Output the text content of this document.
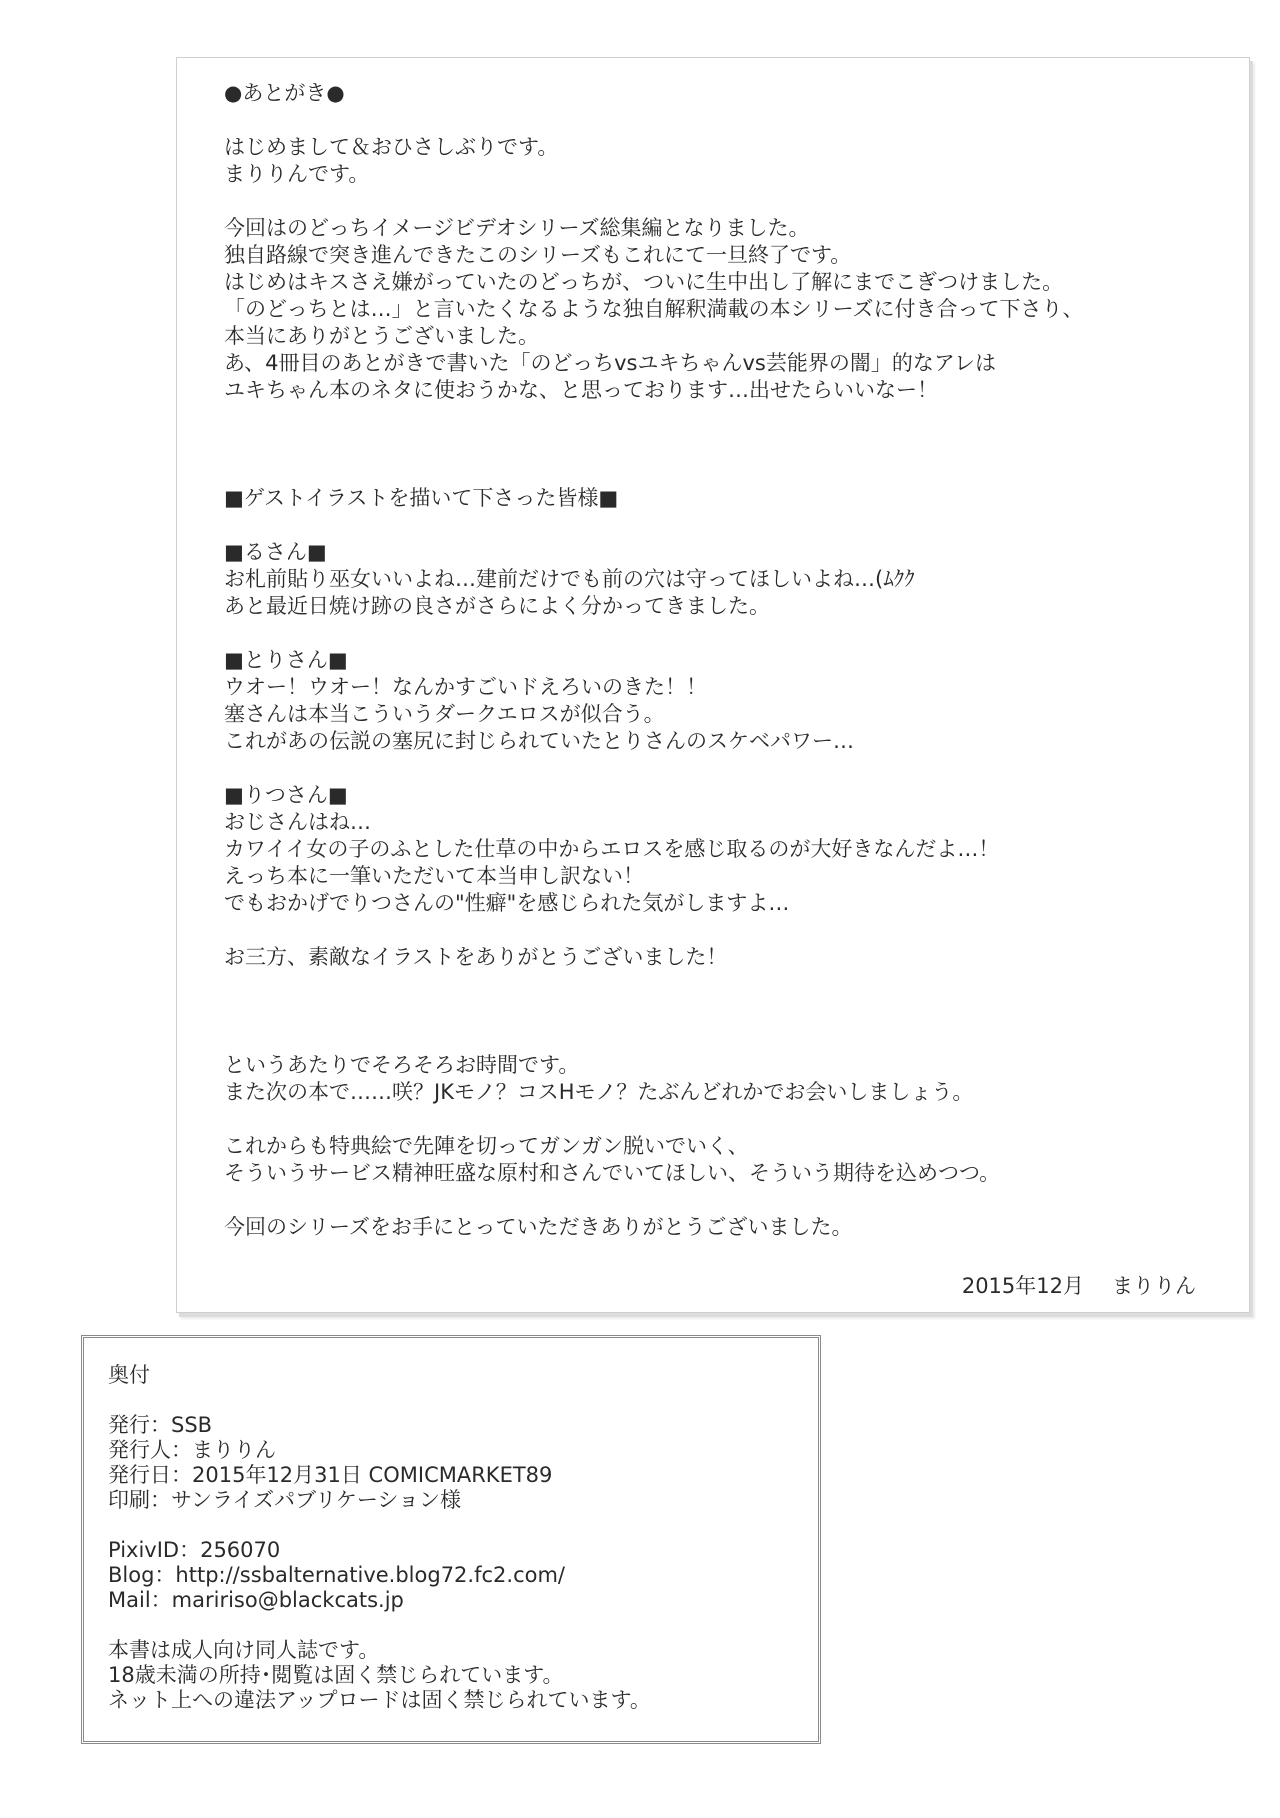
●あとがき●

はじめまして＆おひさしぶりです。

まりりんです。

今回はのどっちイメージビデオシリーズ総集編となりました。

独自路線で突き進んできたこのシリーズもこれにて一旦終了です。

はじめはキスさえ嫌がっていたのどっちが、ついに生中出し了解にまでこぎつけました。

「のどっちとは…」と言いたくなるような独自解釈満載の本シリーズに付き合って下さり、

本当にありがとうございました。

あ、4冊目のあとがきで書いた「のどっちvsユキちゃんvs芸能界の闇」的なアレは

ユキちゃん本のネタに使おうかな、と思っております…出せたらいいなー！

■ゲストイラストを描いて下さった皆様■

■るさん■

お札前貼り巫女いいよね…建前だけでも前の穴は守ってほしいよね…(ﾑｸｸ

あと最近日焼け跡の良さがさらによく分かってきました。

■とりさん■

ウオー！ウオー！なんかすごいドえろいのきた！！

塞さんは本当こういうダークエロスが似合う。

これがあの伝説の塞尻に封じられていたとりさんのスケベパワー…

■りつさん■

おじさんはね…

カワイイ女の子のふとした仕草の中からエロスを感じ取るのが大好きなんだよ…！

えっち本に一筆いただいて本当申し訳ない！

でもおかげでりつさんの"性癖"を感じられた気がしますよ…

お三方、素敵なイラストをありがとうございました！

というあたりでそろそろお時間です。

また次の本で……咲？JKモノ？コスHモノ？たぶんどれかでお会いしましょう。

これからも特典絵で先陣を切ってガンガン脱いでいく、

そういうサービス精神旺盛な原村和さんでいてほしい、そういう期待を込めつつ。

今回のシリーズをお手にとっていただきありがとうございました。

2015年12月 まりりん

奥付

発行：SSB

発行人：まりりん

発行日：2015年12月31日 COMICMARKET89

印刷：サンライズパブリケーション様

PixivID：256070

Blog：http://ssbalternative.blog72.fc2.com/

Mail：maririso@blackcats.jp

本書は成人向け同人誌です。

18歳未満の所持･閲覧は固く禁じられています。

ネット上への違法アップロードは固く禁じられています。
